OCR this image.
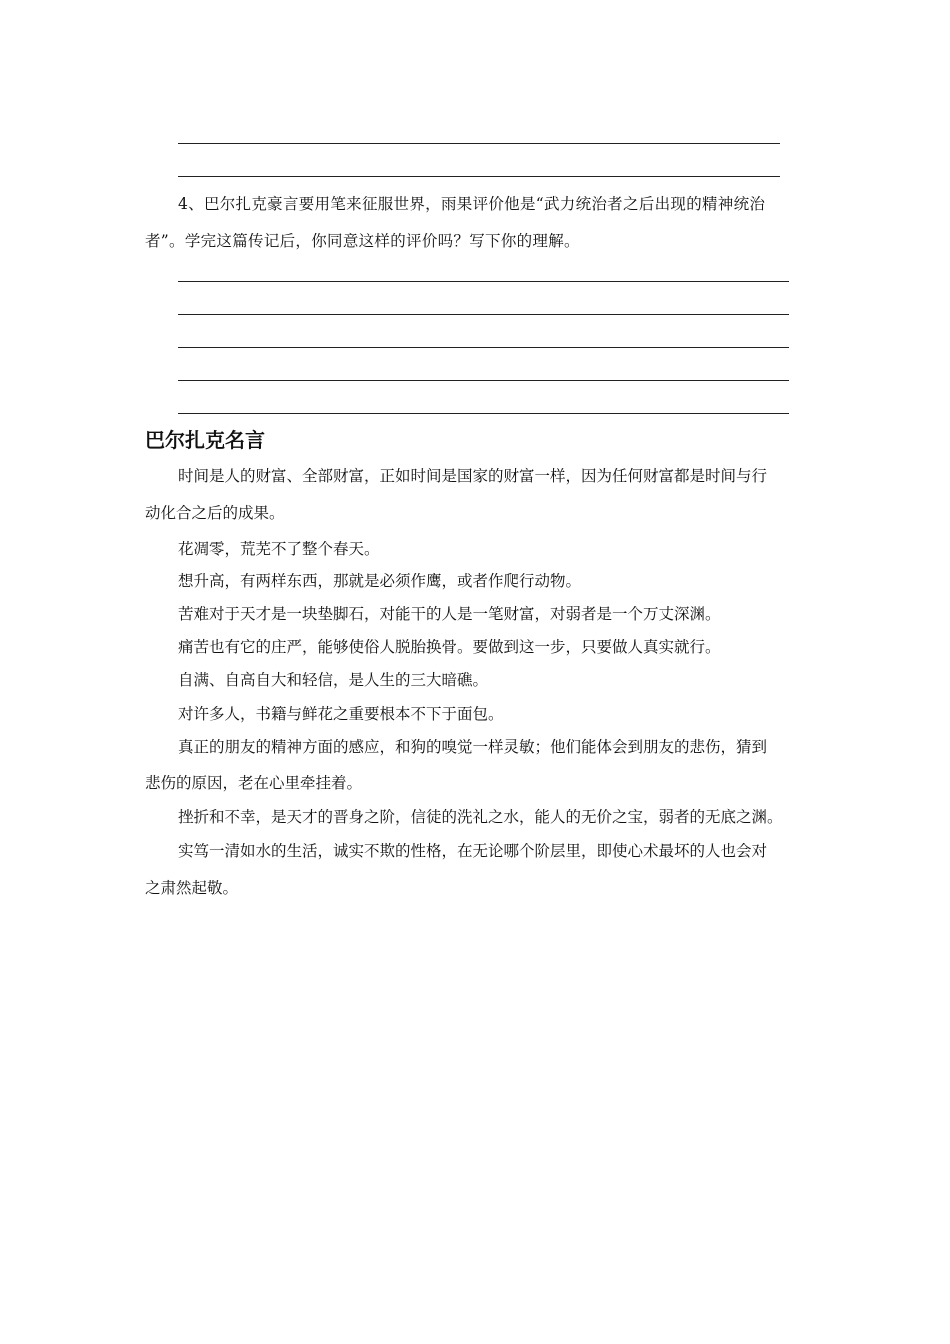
4、巴尔扎克豪言要用笔来征服世界，雨果评价他是“武力统治者之后出现的精神统治
者”。学完这篇传记后，你同意这样的评价吗？写下你的理解。
巴尔扎克名言
时间是人的财富、全部财富，正如时间是国家的财富一样，因为任何财富都是时间与行
动化合之后的成果。
花凋零，荒芜不了整个春天。
想升高，有两样东西，那就是必须作鹰，或者作爬行动物。
苦难对于天才是一块垫脚石，对能干的人是一笔财富，对弱者是一个万丈深渊。
痛苦也有它的庄严，能够使俗人脱胎换骨。要做到这一步，只要做人真实就行。
自满、自高自大和轻信，是人生的三大暗礁。
对许多人，书籍与鲜花之重要根本不下于面包。
真正的朋友的精神方面的感应，和狗的嗅觉一样灵敏；他们能体会到朋友的悲伤，猜到
悲伤的原因，老在心里牵挂着。
挫折和不幸，是天才的晋身之阶，信徒的洗礼之水，能人的无价之宝，弱者的无底之渊。
实笃一清如水的生活，诚实不欺的性格，在无论哪个阶层里，即使心术最坏的人也会对
之肃然起敬。
